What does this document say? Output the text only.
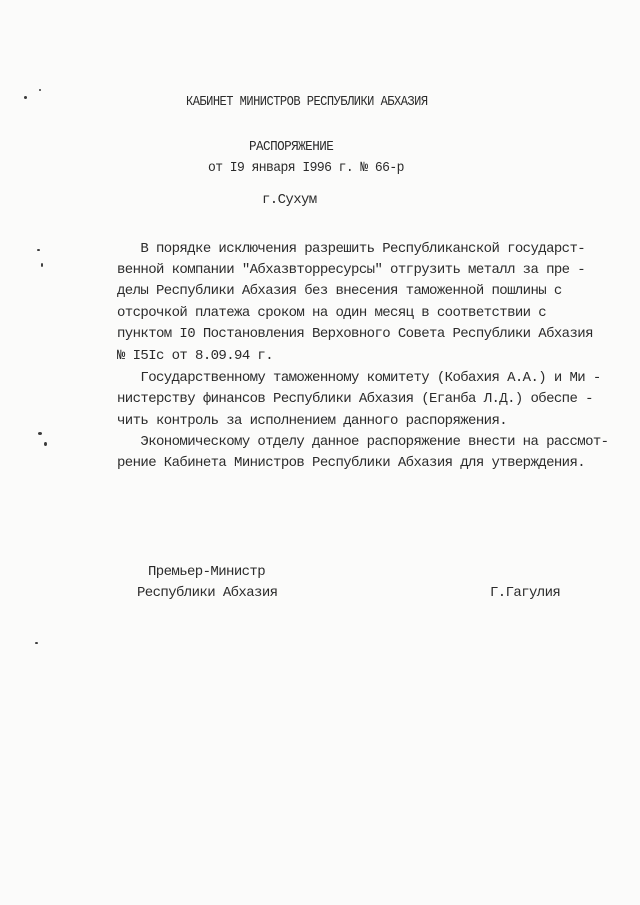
КАБИНЕТ МИНИСТРОВ РЕСПУБЛИКИ АБХАЗИЯ
РАСПОРЯЖЕНИЕ
от I9 января I996 г. № 66-р
г.Сухум
В порядке исключения разрешить Республиканской государст-
венной компании "Абхазвторресурсы" отгрузить металл за пре -
делы Республики Абхазия без внесения таможенной пошлины с
отсрочкой платежа сроком на один месяц в соответствии с
пунктом I0 Постановления Верховного Совета Республики Абхазия
№ I5Iс от 8.09.94 г.
Государственному таможенному комитету (Кобахия А.А.) и Ми -
нистерству финансов Республики Абхазия (Еганба Л.Д.) обеспе -
чить контроль за исполнением данного распоряжения.
Экономическому отделу данное распоряжение внести на рассмот-
рение Кабинета Министров Республики Абхазия для утверждения.
Премьер-Министр
Республики Абхазия	Г.Гагулия
